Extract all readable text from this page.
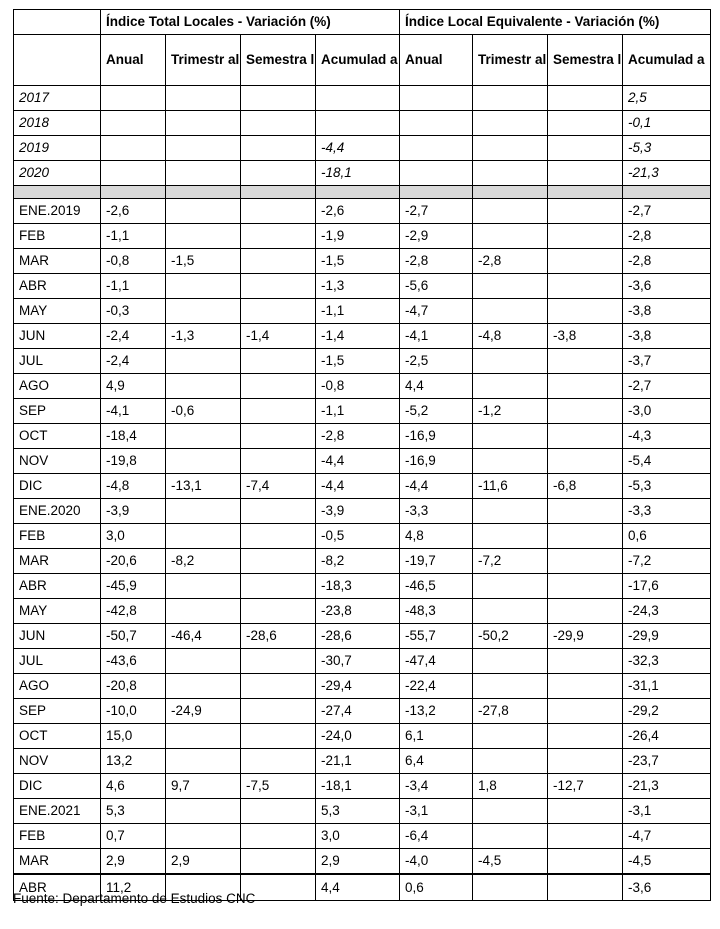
	Índice Total Locales - Variación (%)				Índice Local Equivalente - Variación (%)			
	Anual	Trimestr al	Semestra l	Acumulad a	Anual	Trimestr al	Semestra l	Acumulad a
2017								2,5
2018								-0,1
2019				-4,4				-5,3
2020				-18,1				-21,3

ENE.2019	-2,6			-2,6	-2,7			-2,7
FEB	-1,1			-1,9	-2,9			-2,8
MAR	-0,8	-1,5		-1,5	-2,8	-2,8		-2,8
ABR	-1,1			-1,3	-5,6			-3,6
MAY	-0,3			-1,1	-4,7			-3,8
JUN	-2,4	-1,3	-1,4	-1,4	-4,1	-4,8	-3,8	-3,8
JUL	-2,4			-1,5	-2,5			-3,7
AGO	4,9			-0,8	4,4			-2,7
SEP	-4,1	-0,6		-1,1	-5,2	-1,2		-3,0
OCT	-18,4			-2,8	-16,9			-4,3
NOV	-19,8			-4,4	-16,9			-5,4
DIC	-4,8	-13,1	-7,4	-4,4	-4,4	-11,6	-6,8	-5,3
ENE.2020	-3,9			-3,9	-3,3			-3,3
FEB	3,0			-0,5	4,8			0,6
MAR	-20,6	-8,2		-8,2	-19,7	-7,2		-7,2
ABR	-45,9			-18,3	-46,5			-17,6
MAY	-42,8			-23,8	-48,3			-24,3
JUN	-50,7	-46,4	-28,6	-28,6	-55,7	-50,2	-29,9	-29,9
JUL	-43,6			-30,7	-47,4			-32,3
AGO	-20,8			-29,4	-22,4			-31,1
SEP	-10,0	-24,9		-27,4	-13,2	-27,8		-29,2
OCT	15,0			-24,0	6,1			-26,4
NOV	13,2			-21,1	6,4			-23,7
DIC	4,6	9,7	-7,5	-18,1	-3,4	1,8	-12,7	-21,3
ENE.2021	5,3			5,3	-3,1			-3,1
FEB	0,7			3,0	-6,4			-4,7
MAR	2,9	2,9		2,9	-4,0	-4,5		-4,5
ABR	11,2			4,4	0,6			-3,6
Fuente: Departamento de Estudios CNC
